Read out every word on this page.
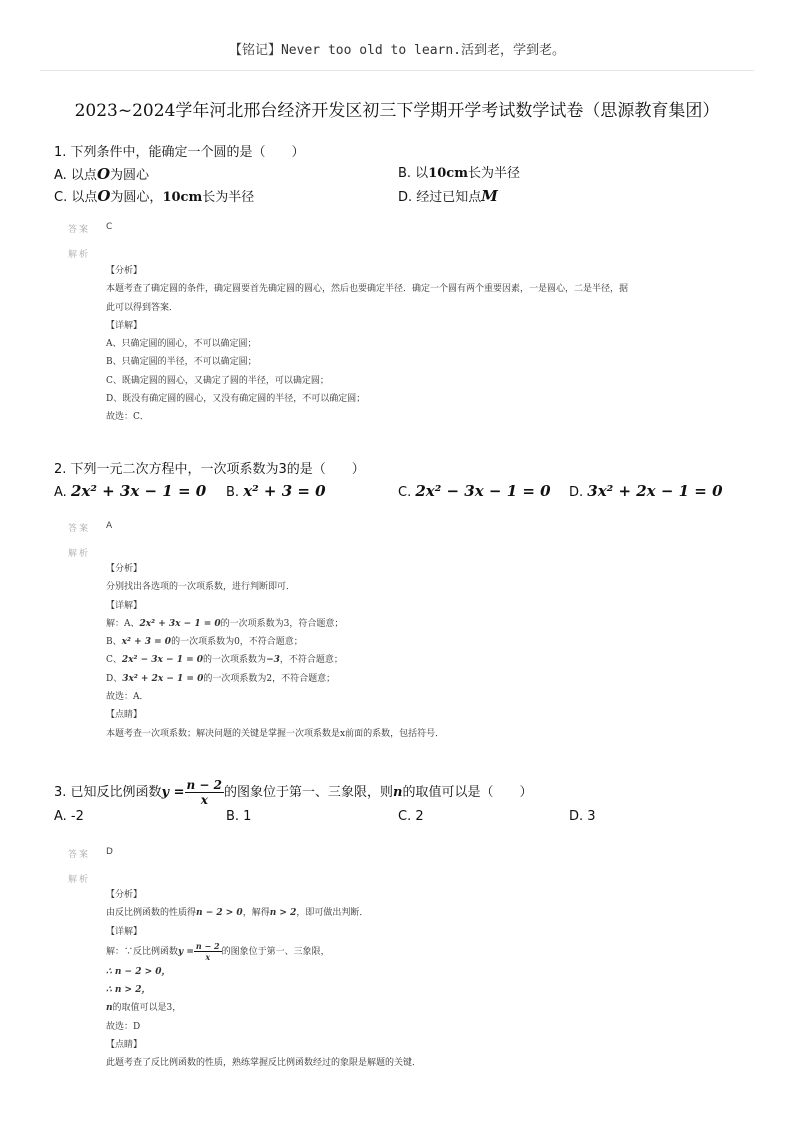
【铭记】Never too old to learn.活到老，学到老。
2023~2024学年河北邢台经济开发区初三下学期开学考试数学试卷（思源教育集团）
1. 下列条件中，能确定一个圆的是（　　）
A. 以点O为圆心	B. 以10cm长为半径
C. 以点O为圆心，10cm长为半径	D. 经过已知点M
答案 C
解析

【分析】

本题考查了确定圆的条件，确定圆要首先确定圆的圆心，然后也要确定半径．确定一个圆有两个重要因素，一是圆心，二是半径，据

此可以得到答案．

【详解】

A、只确定圆的圆心，不可以确定圆；

B、只确定圆的半径，不可以确定圆；

C、既确定圆的圆心，又确定了圆的半径，可以确定圆；

D、既没有确定圆的圆心，又没有确定圆的半径，不可以确定圆；

故选：C．

2. 下列一元二次方程中，一次项系数为3的是（　　）
A. 2x² + 3x − 1 = 0 B. x² + 3 = 0	C. 2x² − 3x − 1 = 0 D. 3x² + 2x − 1 = 0
答案 A
解析

【分析】

分别找出各选项的一次项系数，进行判断即可．

【详解】

解：A、2x² + 3x − 1 = 0的一次项系数为3，符合题意；

B、x² + 3 = 0的一次项系数为0，不符合题意；

C、2x² − 3x − 1 = 0的一次项系数为−3，不符合题意；

D、3x² + 2x − 1 = 0的一次项系数为2，不符合题意；

故选：A．

【点睛】

本题考查一次项系数；解决问题的关键是掌握一次项系数是x前面的系数，包括符号．

3. 已知反比例函数$y = \frac{n - 2}{x}$ 的图象位于第一、三象限，则n的取值可以是（　　）
A. -2	B. 1	C. 2	D. 3
答案 D
解析

【分析】

由反比例函数的性质得n − 2 > 0，解得n > 2，即可做出判断．

【详解】

解：∵反比例函数$y = \frac{n - 2}{x}$ 的图象位于第一、三象限，

∴ n − 2 > 0，

∴ n > 2，

n的取值可以是3，

故选：D

【点睛】

此题考查了反比例函数的性质，熟练掌握反比例函数经过的象限是解题的关键．
